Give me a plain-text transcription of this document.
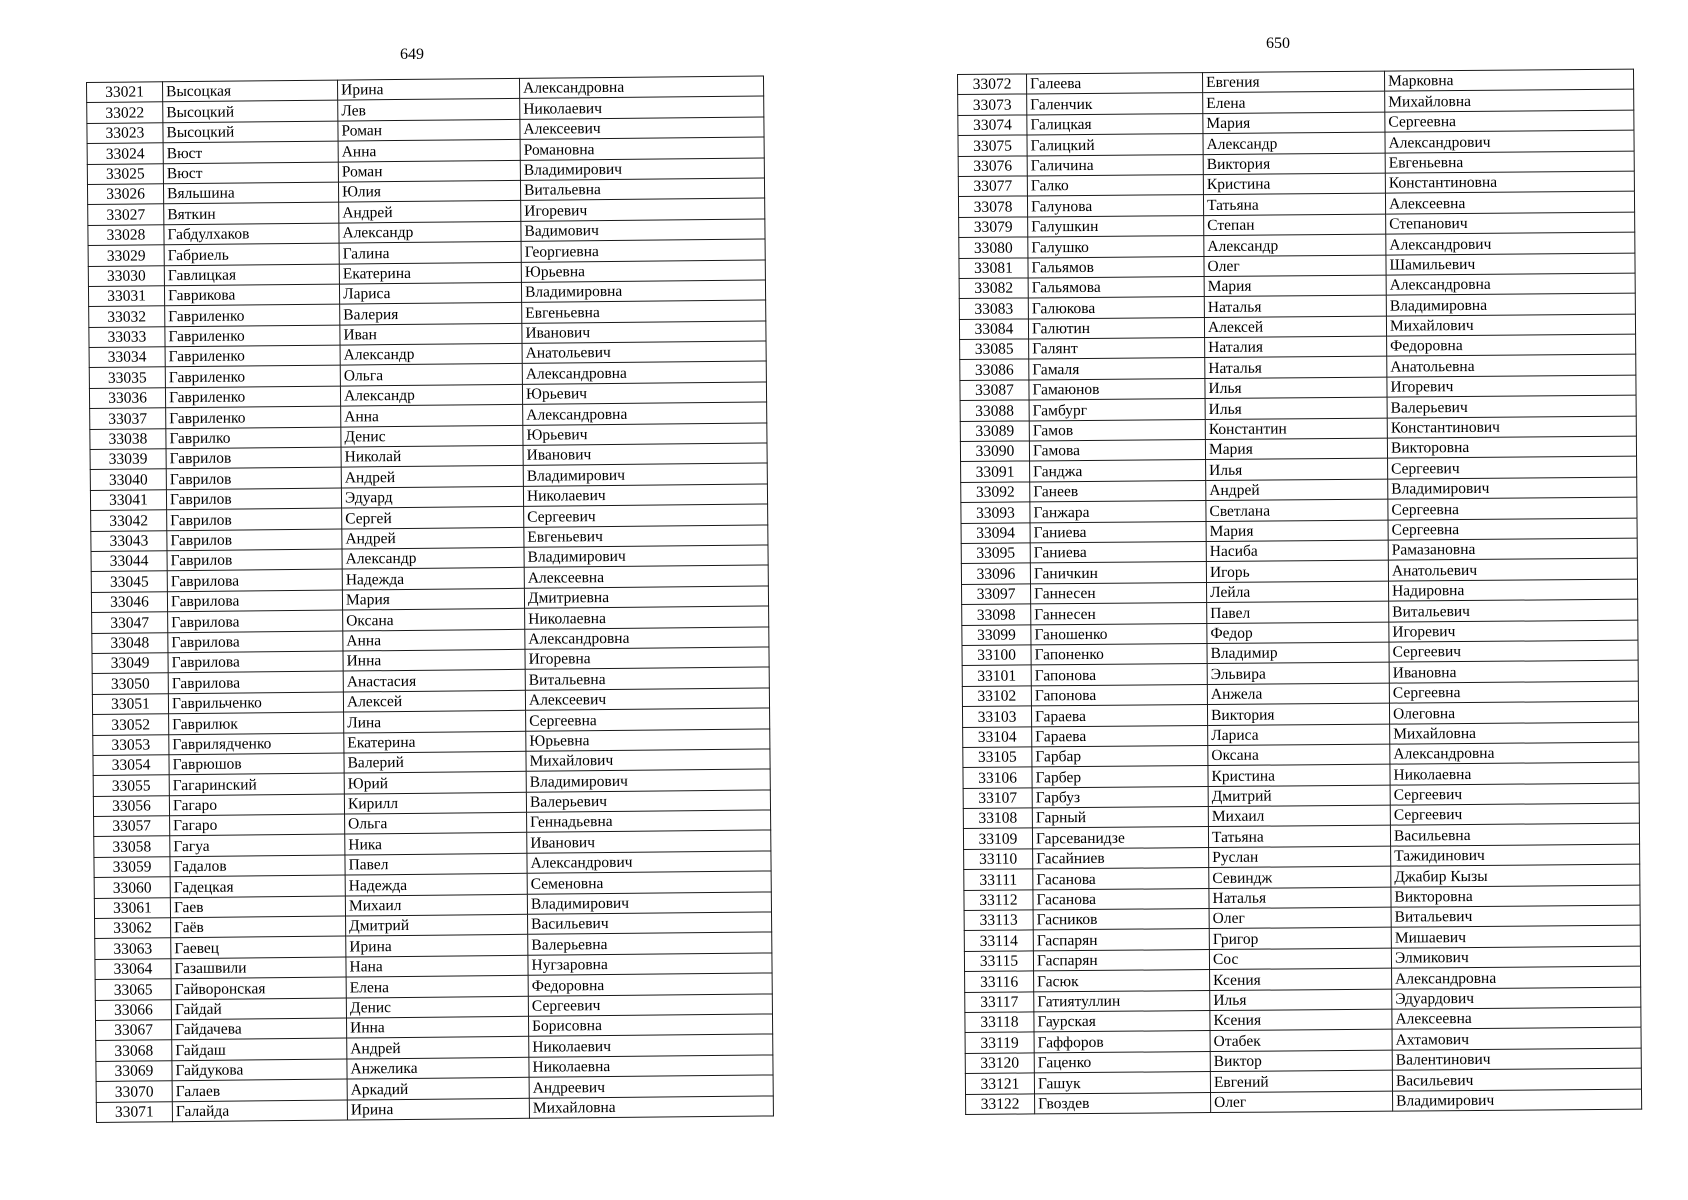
649
650
33021	Высоцкая	Ирина	Александровна
33022	Высоцкий	Лев	Николаевич
33023	Высоцкий	Роман	Алексеевич
33024	Вюст	Анна	Романовна
33025	Вюст	Роман	Владимирович
33026	Вяльшина	Юлия	Витальевна
33027	Вяткин	Андрей	Игоревич
33028	Габдулхаков	Александр	Вадимович
33029	Габриель	Галина	Георгиевна
33030	Гавлицкая	Екатерина	Юрьевна
33031	Гаврикова	Лариса	Владимировна
33032	Гавриленко	Валерия	Евгеньевна
33033	Гавриленко	Иван	Иванович
33034	Гавриленко	Александр	Анатольевич
33035	Гавриленко	Ольга	Александровна
33036	Гавриленко	Александр	Юрьевич
33037	Гавриленко	Анна	Александровна
33038	Гаврилко	Денис	Юрьевич
33039	Гаврилов	Николай	Иванович
33040	Гаврилов	Андрей	Владимирович
33041	Гаврилов	Эдуард	Николаевич
33042	Гаврилов	Сергей	Сергеевич
33043	Гаврилов	Андрей	Евгеньевич
33044	Гаврилов	Александр	Владимирович
33045	Гаврилова	Надежда	Алексеевна
33046	Гаврилова	Мария	Дмитриевна
33047	Гаврилова	Оксана	Николаевна
33048	Гаврилова	Анна	Александровна
33049	Гаврилова	Инна	Игоревна
33050	Гаврилова	Анастасия	Витальевна
33051	Гаврильченко	Алексей	Алексеевич
33052	Гаврилюк	Лина	Сергеевна
33053	Гаврилядченко	Екатерина	Юрьевна
33054	Гаврюшов	Валерий	Михайлович
33055	Гагаринский	Юрий	Владимирович
33056	Гагаро	Кирилл	Валерьевич
33057	Гагаро	Ольга	Геннадьевна
33058	Гагуа	Ника	Иванович
33059	Гадалов	Павел	Александрович
33060	Гадецкая	Надежда	Семеновна
33061	Гаев	Михаил	Владимирович
33062	Гаёв	Дмитрий	Васильевич
33063	Гаевец	Ирина	Валерьевна
33064	Газашвили	Нана	Нугзаровна
33065	Гайворонская	Елена	Федоровна
33066	Гайдай	Денис	Сергеевич
33067	Гайдачева	Инна	Борисовна
33068	Гайдаш	Андрей	Николаевич
33069	Гайдукова	Анжелика	Николаевна
33070	Галаев	Аркадий	Андреевич
33071	Галайда	Ирина	Михайловна
33072	Галеева	Евгения	Марковна
33073	Галенчик	Елена	Михайловна
33074	Галицкая	Мария	Сергеевна
33075	Галицкий	Александр	Александрович
33076	Галичина	Виктория	Евгеньевна
33077	Галко	Кристина	Константиновна
33078	Галунова	Татьяна	Алексеевна
33079	Галушкин	Степан	Степанович
33080	Галушко	Александр	Александрович
33081	Гальямов	Олег	Шамильевич
33082	Гальямова	Мария	Александровна
33083	Галюкова	Наталья	Владимировна
33084	Галютин	Алексей	Михайлович
33085	Галянт	Наталия	Федоровна
33086	Гамаля	Наталья	Анатольевна
33087	Гамаюнов	Илья	Игоревич
33088	Гамбург	Илья	Валерьевич
33089	Гамов	Константин	Константинович
33090	Гамова	Мария	Викторовна
33091	Ганджа	Илья	Сергеевич
33092	Ганеев	Андрей	Владимирович
33093	Ганжара	Светлана	Сергеевна
33094	Ганиева	Мария	Сергеевна
33095	Ганиева	Насиба	Рамазановна
33096	Ганичкин	Игорь	Анатольевич
33097	Ганнесен	Лейла	Надировна
33098	Ганнесен	Павел	Витальевич
33099	Ганошенко	Федор	Игоревич
33100	Гапоненко	Владимир	Сергеевич
33101	Гапонова	Эльвира	Ивановна
33102	Гапонова	Анжела	Сергеевна
33103	Гараева	Виктория	Олеговна
33104	Гараева	Лариса	Михайловна
33105	Гарбар	Оксана	Александровна
33106	Гарбер	Кристина	Николаевна
33107	Гарбуз	Дмитрий	Сергеевич
33108	Гарный	Михаил	Сергеевич
33109	Гарсеванидзе	Татьяна	Васильевна
33110	Гасайниев	Руслан	Тажидинович
33111	Гасанова	Севиндж	Джабир Кызы
33112	Гасанова	Наталья	Викторовна
33113	Гасников	Олег	Витальевич
33114	Гаспарян	Григор	Мишаевич
33115	Гаспарян	Сос	Элмикович
33116	Гасюк	Ксения	Александровна
33117	Гатиятуллин	Илья	Эдуардович
33118	Гаурская	Ксения	Алексеевна
33119	Гаффоров	Отабек	Ахтамович
33120	Гаценко	Виктор	Валентинович
33121	Гашук	Евгений	Васильевич
33122	Гвоздев	Олег	Владимирович
